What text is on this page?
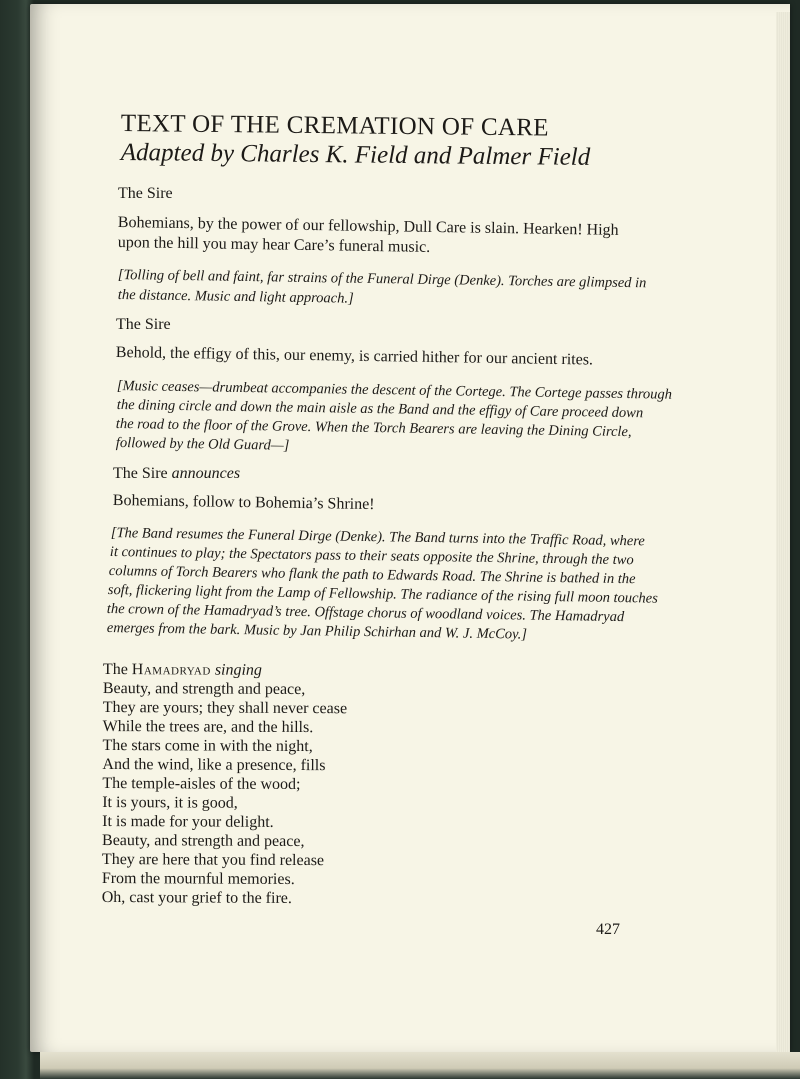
TEXT OF THE CREMATION OF CARE
Adapted by Charles K. Field and Palmer Field
The Sire
Bohemians, by the power of our fellowship, Dull Care is slain. Hearken! High
upon the hill you may hear Care’s funeral music.
[Tolling of bell and faint, far strains of the Funeral Dirge (Denke). Torches are glimpsed in
the distance. Music and light approach.]
The Sire
Behold, the effigy of this, our enemy, is carried hither for our ancient rites.
[Music ceases—drumbeat accompanies the descent of the Cortege. The Cortege passes through
the dining circle and down the main aisle as the Band and the effigy of Care proceed down
the road to the floor of the Grove. When the Torch Bearers are leaving the Dining Circle,
followed by the Old Guard—]
The Sire announces
Bohemians, follow to Bohemia’s Shrine!
[The Band resumes the Funeral Dirge (Denke). The Band turns into the Traffic Road, where
it continues to play; the Spectators pass to their seats opposite the Shrine, through the two
columns of Torch Bearers who flank the path to Edwards Road. The Shrine is bathed in the
soft, flickering light from the Lamp of Fellowship. The radiance of the rising full moon touches
the crown of the Hamadryad’s tree. Offstage chorus of woodland voices. The Hamadryad
emerges from the bark. Music by Jan Philip Schirhan and W. J. McCoy.]
The Hamadryad singing
Beauty, and strength and peace,
They are yours; they shall never cease
While the trees are, and the hills.
The stars come in with the night,
And the wind, like a presence, fills
The temple-aisles of the wood;
It is yours, it is good,
It is made for your delight.
Beauty, and strength and peace,
They are here that you find release
From the mournful memories.
Oh, cast your grief to the fire.
427
